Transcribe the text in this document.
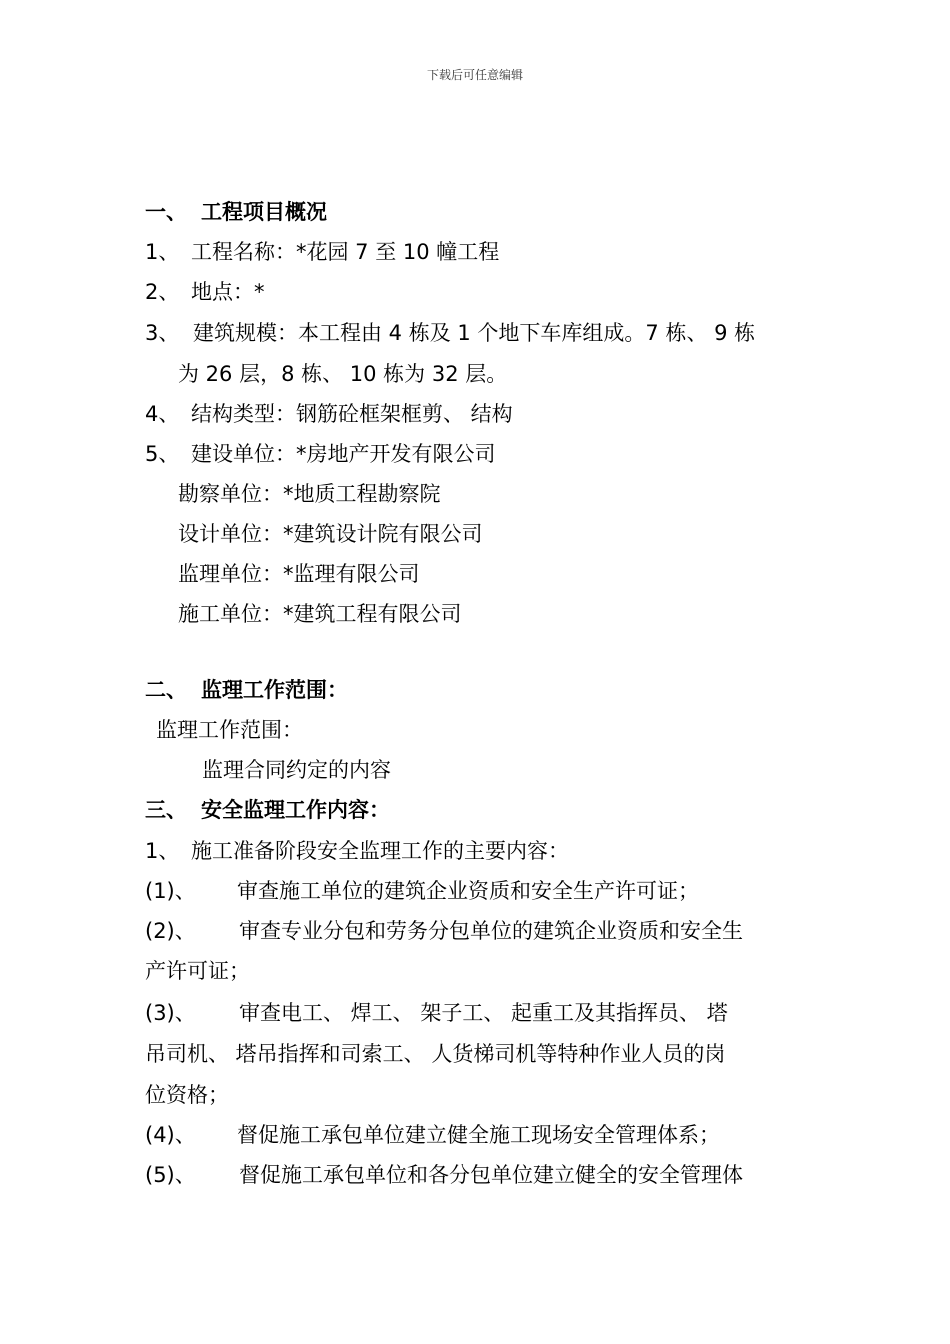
下载后可任意编辑
一、 工程项目概况
1、 工程名称：*花园 7 至 10 幢工程
2、 地点：*
3、 建筑规模：本工程由 4 栋及 1 个地下车库组成。7 栋、 9 栋
为 26 层，8 栋、 10 栋为 32 层。
4、 结构类型：钢筋砼框架框剪、 结构
5、 建设单位：*房地产开发有限公司
勘察单位：*地质工程勘察院
设计单位：*建筑设计院有限公司
监理单位：*监理有限公司
施工单位：*建筑工程有限公司
二、 监理工作范围：
监理工作范围：
监理合同约定的内容
三、 安全监理工作内容：
1、 施工准备阶段安全监理工作的主要内容：
(1)、 审查施工单位的建筑企业资质和安全生产许可证；
(2)、 审查专业分包和劳务分包单位的建筑企业资质和安全生
产许可证；
(3)、 审查电工、 焊工、 架子工、 起重工及其指挥员、 塔
吊司机、 塔吊指挥和司索工、 人货梯司机等特种作业人员的岗
位资格；
(4)、 督促施工承包单位建立健全施工现场安全管理体系；
(5)、 督促施工承包单位和各分包单位建立健全的安全管理体
